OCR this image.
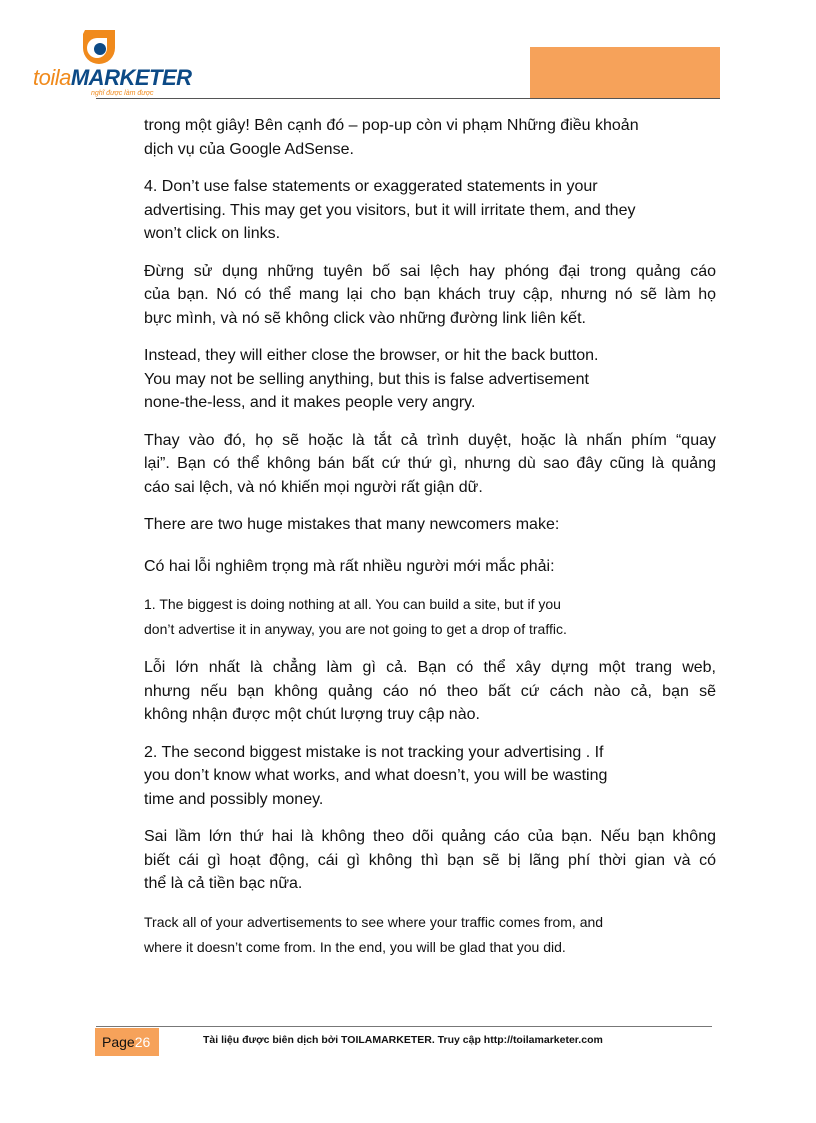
toilaMARKETER
nghĩ được làm được

trong một giây! Bên cạnh đó – pop-up còn vi phạm Những điều khoản
dịch vụ của Google AdSense.

4. Don’t use false statements or exaggerated statements in your
advertising. This may get you visitors, but it will irritate them, and they
won’t click on links.

Đừng sử dụng những tuyên bố sai lệch hay phóng đại trong quảng cáo
của bạn. Nó có thể mang lại cho bạn khách truy cập, nhưng nó sẽ làm họ
bực mình, và nó sẽ không click vào những đường link liên kết.

Instead, they will either close the browser, or hit the back button.
You may not be selling anything, but this is false advertisement
none-the-less, and it makes people very angry.

Thay vào đó, họ sẽ hoặc là tắt cả trình duyệt, hoặc là nhấn phím “quay
lại”. Bạn có thể không bán bất cứ thứ gì, nhưng dù sao đây cũng là quảng
cáo sai lệch, và nó khiến mọi người rất giận dữ.

There are two huge mistakes that many newcomers make:

Có hai lỗi nghiêm trọng mà rất nhiều người mới mắc phải:

1. The biggest is doing nothing at all. You can build a site, but if you
don’t advertise it in anyway, you are not going to get a drop of traffic.

Lỗi lớn nhất là chẳng làm gì cả. Bạn có thể xây dựng một trang web,
nhưng nếu bạn không quảng cáo nó theo bất cứ cách nào cả, bạn sẽ
không nhận được một chút lượng truy cập nào.

2. The second biggest mistake is not tracking your advertising . If
you don’t know what works, and what doesn’t, you will be wasting
time and possibly money.

Sai lầm lớn thứ hai là không theo dõi quảng cáo của bạn. Nếu bạn không
biết cái gì hoạt động, cái gì không thì bạn sẽ bị lãng phí thời gian và có
thể là cả tiền bạc nữa.

Track all of your advertisements to see where your traffic comes from, and
where it doesn’t come from. In the end, you will be glad that you did.

Page26	Tài liệu được biên dịch bởi TOILAMARKETER. Truy cập http://toilamarketer.com
